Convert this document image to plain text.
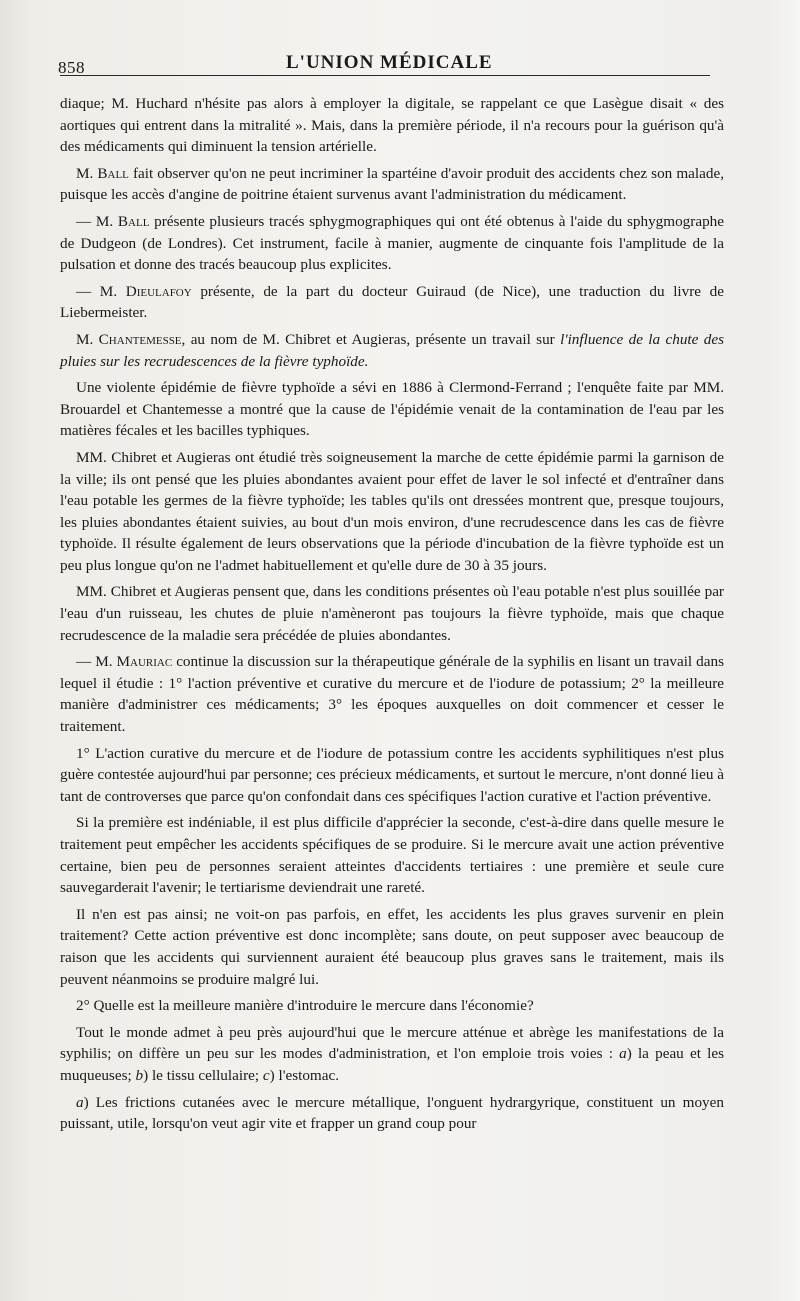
858	L'UNION MÉDICALE

diaque; M. Huchard n'hésite pas alors à employer la digitale, se rappelant ce que Lasègue disait « des aortiques qui entrent dans la mitralité ». Mais, dans la première période, il n'a recours pour la guérison qu'à des médicaments qui diminuent la tension artérielle.

M. Ball fait observer qu'on ne peut incriminer la spartéine d'avoir produit des accidents chez son malade, puisque les accès d'angine de poitrine étaient survenus avant l'administration du médicament.

— M. Ball présente plusieurs tracés sphygmographiques qui ont été obtenus à l'aide du sphygmographe de Dudgeon (de Londres). Cet instrument, facile à manier, augmente de cinquante fois l'amplitude de la pulsation et donne des tracés beaucoup plus explicites.

— M. Dieulafoy présente, de la part du docteur Guiraud (de Nice), une traduction du livre de Liebermeister.

M. Chantemesse, au nom de M. Chibret et Augieras, présente un travail sur l'influence de la chute des pluies sur les recrudescences de la fièvre typhoïde.

Une violente épidémie de fièvre typhoïde a sévi en 1886 à Clermond-Ferrand ; l'enquête faite par MM. Brouardel et Chantemesse a montré que la cause de l'épidémie venait de la contamination de l'eau par les matières fécales et les bacilles typhiques.

MM. Chibret et Augieras ont étudié très soigneusement la marche de cette épidémie parmi la garnison de la ville; ils ont pensé que les pluies abondantes avaient pour effet de laver le sol infecté et d'entraîner dans l'eau potable les germes de la fièvre typhoïde; les tables qu'ils ont dressées montrent que, presque toujours, les pluies abondantes étaient suivies, au bout d'un mois environ, d'une recrudescence dans les cas de fièvre typhoïde. Il résulte également de leurs observations que la période d'incubation de la fièvre typhoïde est un peu plus longue qu'on ne l'admet habituellement et qu'elle dure de 30 à 35 jours.

MM. Chibret et Augieras pensent que, dans les conditions présentes où l'eau potable n'est plus souillée par l'eau d'un ruisseau, les chutes de pluie n'amèneront pas toujours la fièvre typhoïde, mais que chaque recrudescence de la maladie sera précédée de pluies abondantes.

— M. Mauriac continue la discussion sur la thérapeutique générale de la syphilis en lisant un travail dans lequel il étudie : 1° l'action préventive et curative du mercure et de l'iodure de potassium; 2° la meilleure manière d'administrer ces médicaments; 3° les époques auxquelles on doit commencer et cesser le traitement.

1° L'action curative du mercure et de l'iodure de potassium contre les accidents syphilitiques n'est plus guère contestée aujourd'hui par personne; ces précieux médicaments, et surtout le mercure, n'ont donné lieu à tant de controverses que parce qu'on confondait dans ces spécifiques l'action curative et l'action préventive.

Si la première est indéniable, il est plus difficile d'apprécier la seconde, c'est-à-dire dans quelle mesure le traitement peut empêcher les accidents spécifiques de se produire. Si le mercure avait une action préventive certaine, bien peu de personnes seraient atteintes d'accidents tertiaires : une première et seule cure sauvegarderait l'avenir; le tertiarisme deviendrait une rareté.

Il n'en est pas ainsi; ne voit-on pas parfois, en effet, les accidents les plus graves survenir en plein traitement? Cette action préventive est donc incomplète; sans doute, on peut supposer avec beaucoup de raison que les accidents qui surviennent auraient été beaucoup plus graves sans le traitement, mais ils peuvent néanmoins se produire malgré lui.

2° Quelle est la meilleure manière d'introduire le mercure dans l'économie?

Tout le monde admet à peu près aujourd'hui que le mercure atténue et abrège les manifestations de la syphilis; on diffère un peu sur les modes d'administration, et l'on emploie trois voies : a) la peau et les muqueuses; b) le tissu cellulaire; c) l'estomac.

a) Les frictions cutanées avec le mercure métallique, l'onguent hydrargyrique, constituent un moyen puissant, utile, lorsqu'on veut agir vite et frapper un grand coup pour
